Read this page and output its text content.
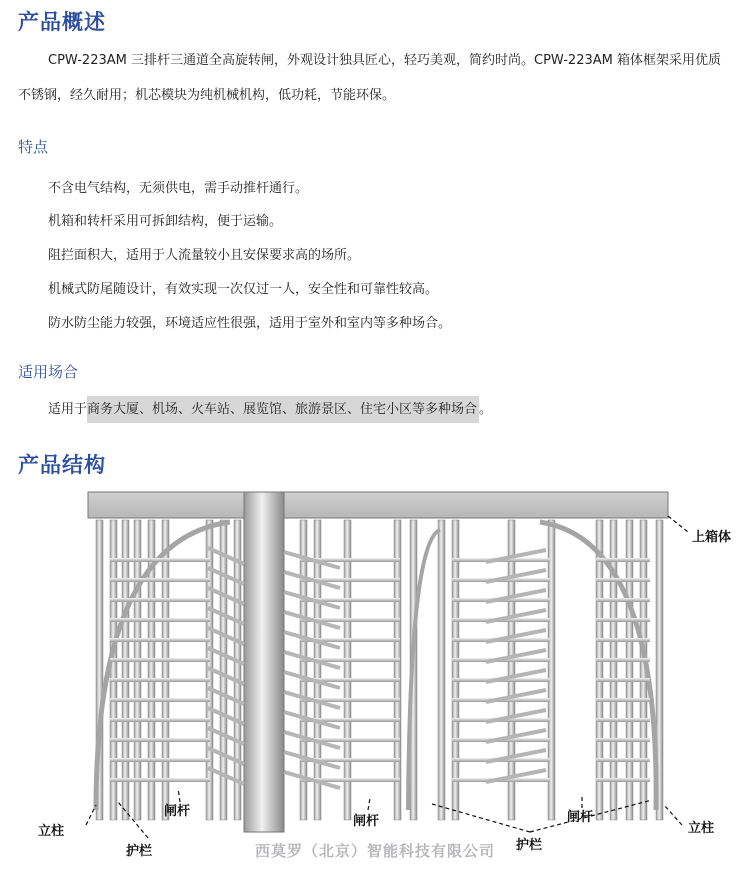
产品概述
CPW-223AM 三排杆三通道全高旋转闸，外观设计独具匠心，轻巧美观，简约时尚。CPW-223AM 箱体框架采用优质不锈钢，经久耐用；机芯模块为纯机械机构，低功耗，节能环保。
特点
不含电气结构，无须供电，需手动推杆通行。
机箱和转杆采用可拆卸结构，便于运输。
阻拦面积大，适用于人流量较小且安保要求高的场所。
机械式防尾随设计，有效实现一次仅过一人，安全性和可靠性较高。
防水防尘能力较强，环境适应性很强，适用于室外和室内等多种场合。
适用场合
适用于商务大厦、机场、火车站、展览馆、旅游景区、住宅小区等多种场合 。
产品结构
上箱体
立柱	立柱
护栏	护栏
闸杆
闸杆	闸杆
西莫罗（北京）智能科技有限公司
